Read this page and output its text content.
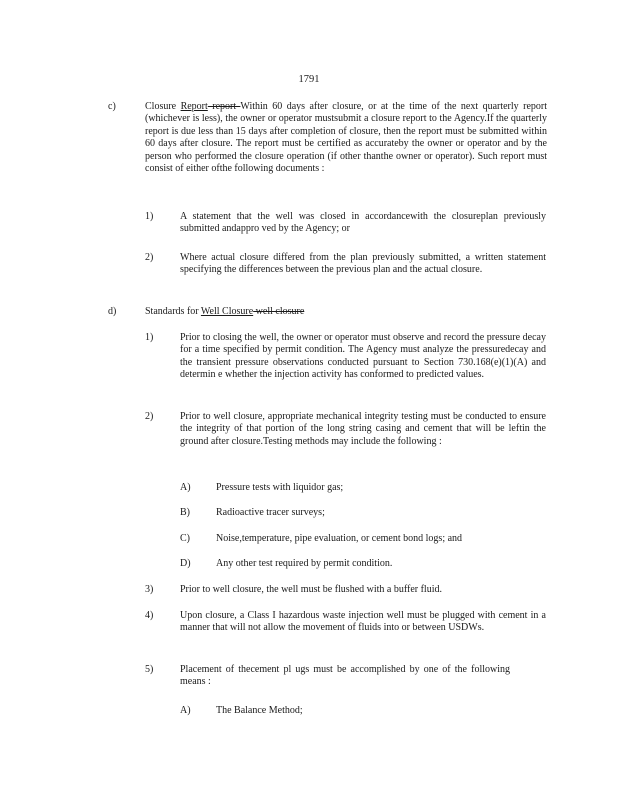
1791
c)	Closure Report report Within 60 days after closure, or at the time of the next quarterly report (whichever is less), the owner or operator mustsubmit a closure report to the Agency.If the quarterly report is due less than 15 days after completion of closure, then the report must be submitted within 60 days after closure. The report must be certified as accurateby the owner or operator and by the person who performed the closure operation (if other thanthe owner or operator). Such report must consist of either ofthe following documents :
1)	A statement that the well was closed in accordancewith the closureplan previously submitted andappro ved by the Agency; or
2)	Where actual closure differed from the plan previously submitted, a written statement specifying the differences between the previous plan and the actual closure.
d)	Standards for Well Closure well closure
1)	Prior to closing the well, the owner or operator must observe and record the pressure decay for a time specified by permit condition. The Agency must analyze the pressuredecay and the transient pressure observations conducted pursuant to Section 730.168(e)(1)(A) and determin e whether the injection activity has conformed to predicted values.
2)	Prior to well closure, appropriate mechanical integrity testing must be conducted to ensure the integrity of that portion of the long string casing and cement that will be leftin the ground after closure.Testing methods may include the following :
A)	Pressure tests with liquidor gas;
B)	Radioactive tracer surveys;
C)	Noise,temperature, pipe evaluation, or cement bond logs; and
D)	Any other test required by permit condition.
3)	Prior to well closure, the well must be flushed with a buffer fluid.
4)	Upon closure, a Class I hazardous waste injection well must be plugged with cement in a manner that will not allow the movement of fluids into or between USDWs.
5)	Placement of thecement pl ugs must be accomplished by one of the following means :
A)	The Balance Method;
